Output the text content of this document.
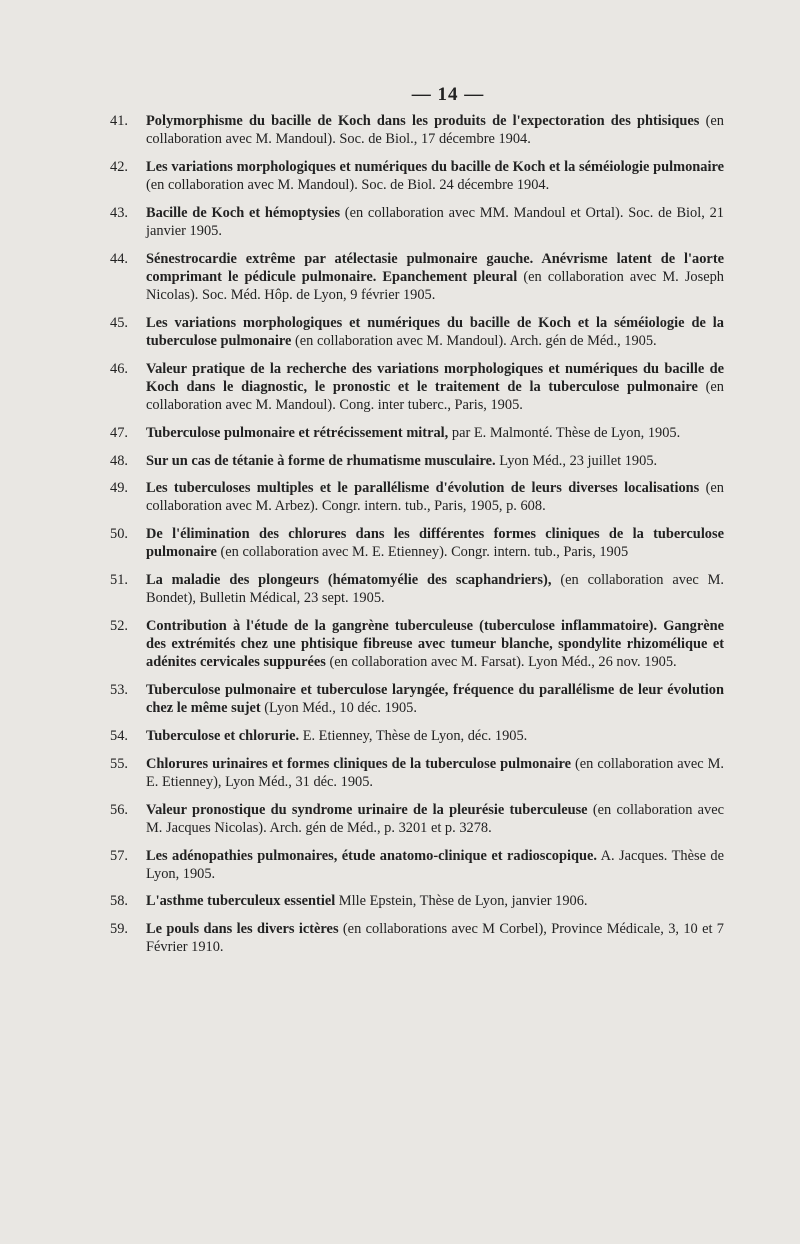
— 14 —
41.	Polymorphisme du bacille de Koch dans les produits de l'expectoration des phtisiques (en collaboration avec M. Mandoul). Soc. de Biol., 17 décembre 1904.
42.	Les variations morphologiques et numériques du bacille de Koch et la séméiologie pulmonaire (en collaboration avec M. Mandoul). Soc. de Biol. 24 décembre 1904.
43.	Bacille de Koch et hémoptysies (en collaboration avec MM. Mandoul et Ortal). Soc. de Biol, 21 janvier 1905.
44.	Sénestrocardie extrême par atélectasie pulmonaire gauche. Anévrisme latent de l'aorte comprimant le pédicule pulmonaire. Epanchement pleural (en collaboration avec M. Joseph Nicolas). Soc. Méd. Hôp. de Lyon, 9 février 1905.
45.	Les variations morphologiques et numériques du bacille de Koch et la séméiologie de la tuberculose pulmonaire (en collaboration avec M. Mandoul). Arch. gén de Méd., 1905.
46.	Valeur pratique de la recherche des variations morphologiques et numériques du bacille de Koch dans le diagnostic, le pronostic et le traitement de la tuberculose pulmonaire (en collaboration avec M. Mandoul). Cong. inter tuberc., Paris, 1905.
47.	Tuberculose pulmonaire et rétrécissement mitral, par E. Malmonté. Thèse de Lyon, 1905.
48.	Sur un cas de tétanie à forme de rhumatisme musculaire. Lyon Méd., 23 juillet 1905.
49.	Les tuberculoses multiples et le parallélisme d'évolution de leurs diverses localisations (en collaboration avec M. Arbez). Congr. intern. tub., Paris, 1905, p. 608.
50.	De l'élimination des chlorures dans les différentes formes cliniques de la tuberculose pulmonaire (en collaboration avec M. E. Etienney). Congr. intern. tub., Paris, 1905
51.	La maladie des plongeurs (hématomyélie des scaphandriers), (en collaboration avec M. Bondet), Bulletin Médical, 23 sept. 1905.
52.	Contribution à l'étude de la gangrène tuberculeuse (tuberculose inflammatoire). Gangrène des extrémités chez une phtisique fibreuse avec tumeur blanche, spondylite rhizomélique et adénites cervicales suppurées (en collaboration avec M. Farsat). Lyon Méd., 26 nov. 1905.
53.	Tuberculose pulmonaire et tuberculose laryngée, fréquence du parallélisme de leur évolution chez le même sujet (Lyon Méd., 10 déc. 1905.
54.	Tuberculose et chlorurie. E. Etienney, Thèse de Lyon, déc. 1905.
55.	Chlorures urinaires et formes cliniques de la tuberculose pulmonaire (en collaboration avec M. E. Etienney), Lyon Méd., 31 déc. 1905.
56.	Valeur pronostique du syndrome urinaire de la pleurésie tuberculeuse (en collaboration avec M. Jacques Nicolas). Arch. gén de Méd., p. 3201 et p. 3278.
57.	Les adénopathies pulmonaires, étude anatomo-clinique et radioscopique. A. Jacques. Thèse de Lyon, 1905.
58.	L'asthme tuberculeux essentiel Mlle Epstein, Thèse de Lyon, janvier 1906.
59.	Le pouls dans les divers ictères (en collaborations avec M Corbel), Province Médicale, 3, 10 et 7 Février 1910.
